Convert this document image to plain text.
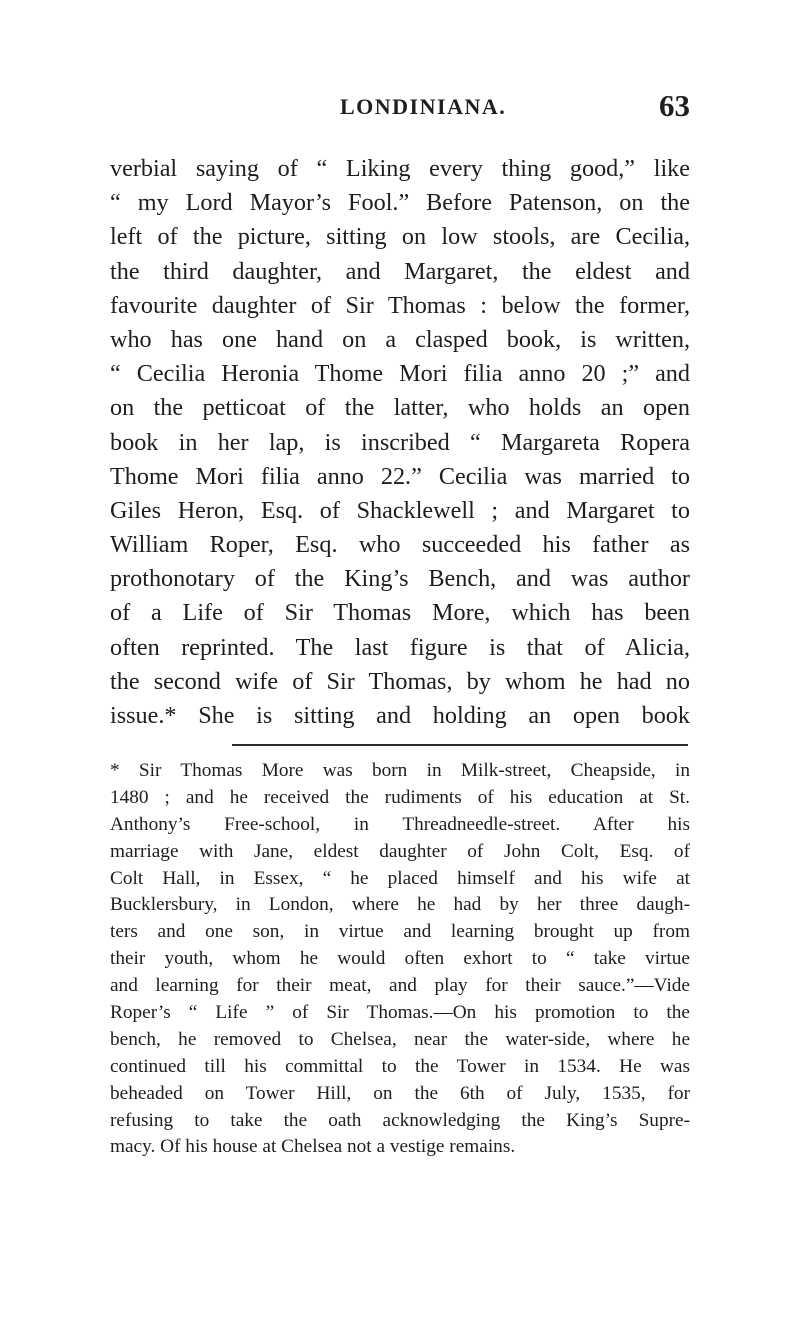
LONDINIANA.	63
verbial saying of “ Liking every thing good,” like
“ my Lord Mayor’s Fool.” Before Patenson, on the
left of the picture, sitting on low stools, are Cecilia,
the third daughter, and Margaret, the eldest and
favourite daughter of Sir Thomas : below the former,
who has one hand on a clasped book, is written,
“ Cecilia Heronia Thome Mori filia anno 20 ;” and
on the petticoat of the latter, who holds an open
book in her lap, is inscribed “ Margareta Ropera
Thome Mori filia anno 22.” Cecilia was married to
Giles Heron, Esq. of Shacklewell ; and Margaret to
William Roper, Esq. who succeeded his father as
prothonotary of the King’s Bench, and was author
of a Life of Sir Thomas More, which has been
often reprinted. The last figure is that of Alicia,
the second wife of Sir Thomas, by whom he had no
issue.* She is sitting and holding an open book
* Sir Thomas More was born in Milk-street, Cheapside, in
1480 ; and he received the rudiments of his education at St.
Anthony’s Free-school, in Threadneedle-street. After his
marriage with Jane, eldest daughter of John Colt, Esq. of
Colt Hall, in Essex, “ he placed himself and his wife at
Bucklersbury, in London, where he had by her three daugh-
ters and one son, in virtue and learning brought up from
their youth, whom he would often exhort to “ take virtue
and learning for their meat, and play for their sauce.”—Vide
Roper’s “ Life ” of Sir Thomas.—On his promotion to the
bench, he removed to Chelsea, near the water-side, where he
continued till his committal to the Tower in 1534. He was
beheaded on Tower Hill, on the 6th of July, 1535, for
refusing to take the oath acknowledging the King’s Supre-
macy. Of his house at Chelsea not a vestige remains.
